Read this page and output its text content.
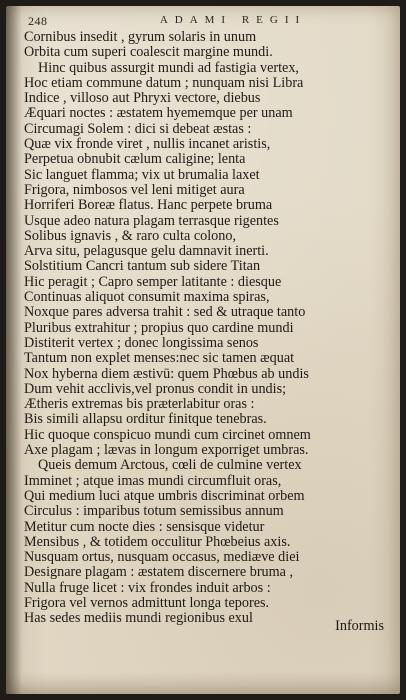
248	ADAMI REGII
Cornibus insedit , gyrum solaris in unum
Orbita cum superi coalescit margine mundi.
Hinc quibus assurgit mundi ad fastigia vertex,
Hoc etiam commune datum ; nunquam nisi Libra
Indice , villoso aut Phryxi vectore, diebus
Æquari noctes : æstatem hyememque per unam
Circumagi Solem : dici si debeat æstas :
Quæ vix fronde viret , nullis incanet aristis,
Perpetua obnubit cælum caligine; lenta
Sic languet flamma; vix ut brumalia laxet
Frigora, nimbosos vel leni mitiget aura
Horriferi Boreæ flatus. Hanc perpete bruma
Usque adeo natura plagam terrasque rigentes
Solibus ignavis , & raro culta colono,
Arva situ, pelagusque gelu damnavit inerti.
Solstitium Cancri tantum sub sidere Titan
Hic peragit ; Capro semper latitante : diesque
Continuas aliquot consumit maxima spiras,
Noxque pares adversa trahit : sed & utraque tanto
Pluribus extrahitur ; propius quo cardine mundi
Distiterit vertex ; donec longissima senos
Tantum non explet menses:nec sic tamen æquat
Nox hyberna diem æstivū: quem Phœbus ab undis
Dum vehit acclivis,vel pronus condit in undis;
Ætheris extremas bis præterlabitur oras :
Bis simili allapsu orditur finitque tenebras.
Hic quoque conspicuo mundi cum circinet omnem
Axe plagam ; lævas in longum exporriget umbras.
Queis demum Arctous, cœli de culmine vertex
Imminet ; atque imas mundi circumfluit oras,
Qui medium luci atque umbris discriminat orbem
Circulus : imparibus totum semissibus annum
Metitur cum nocte dies : sensisque videtur
Mensibus , & totidem occulitur Phœbeius axis.
Nusquam ortus, nusquam occasus, mediæve diei
Designare plagam : æstatem discernere bruma ,
Nulla fruge licet : vix frondes induit arbos :
Frigora vel vernos admittunt longa tepores.
Has sedes mediis mundi regionibus exul	Informis
